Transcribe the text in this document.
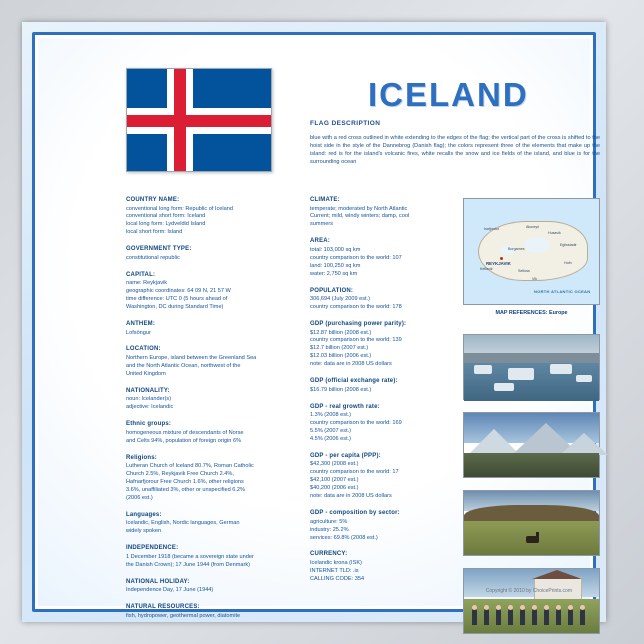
ICELAND
FLAG DESCRIPTION
blue with a red cross outlined in white extending to the edges of the flag; the vertical part of the cross is shifted to the hoist side in the style of the Dannebrog (Danish flag); the colors represent three of the elements that make up the island: red is for the island's volcanic fires, white recalls the snow and ice fields of the island, and blue is for the surrounding ocean
COUNTRY NAME:

conventional long form: Republic of Iceland
conventional short form: Iceland
local long form: Lydveldid Island
local short form: Island

GOVERNMENT TYPE:

constitutional republic

CAPITAL:

name: Reykjavik
geographic coordinates: 64 09 N, 21 57 W
time difference: UTC 0 (5 hours ahead of
Washington, DC during Standard Time)

ANTHEM:

Lofsöngur

LOCATION:

Northern Europe, island between the Greenland Sea
and the North Atlantic Ocean, northwest of the
United Kingdom

NATIONALITY:

noun: Icelander(s)
adjective: Icelandic

Ethnic groups:

homogeneous mixture of descendants of Norse
and Celts 94%, population of foreign origin 6%

Religions:

Lutheran Church of Iceland 80.7%, Roman Catholic
Church 2.5%, Reykjavik Free Church 2.4%,
Hafnarfjorour Free Church 1.6%, other religions
3.6%, unaffiliated 3%, other or unspecified 6.2%
(2006 est.)

Languages:

Icelandic, English, Nordic languages, German
widely spoken

INDEPENDENCE:

1 December 1918 (became a sovereign state under
the Danish Crown); 17 June 1944 (from Denmark)

NATIONAL HOLIDAY:

Independence Day, 17 June (1944)

NATURAL RESOURCES:

fish, hydropower, geothermal power, diatomite

CLIMATE:

temperate; moderated by North Atlantic
Current; mild, windy winters; damp, cool
summers

AREA:

total: 103,000 sq km
country comparison to the world: 107
land: 100,250 sq km
water: 2,750 sq km

POPULATION:

306,694 (July 2009 est.)
country comparison to the world: 178

GDP (purchasing power parity):

$12.87 billion (2008 est.)
country comparison to the world: 139
$12.7 billion (2007 est.)
$12.03 billion (2006 est.)
note: data are in 2008 US dollars

GDP (official exchange rate):

$16.79 billion (2008 est.)

GDP - real growth rate:

1.3% (2008 est.)
country comparison to the world: 169
5.5% (2007 est.)
4.5% (2006 est.)

GDP - per capita (PPP):

$42,300 (2008 est.)
country comparison to the world: 17
$42,100 (2007 est.)
$40,200 (2006 est.)
note: data are in 2008 US dollars

GDP - composition by sector:

agriculture: 5%
industry: 25.2%
services: 69.8% (2008 est.)

CURRENCY:

Icelandic krona (ISK)
INTERNET TLD: .is
CALLING CODE: 354

REYKJAVIK
Isafjordur	Akureyri
Husavik
Egilsstadir
Borgarnes
Selfoss
Vik
Keflavik
Hofn
NORTH ATLANTIC OCEAN
MAP REFERENCES: Europe
Copyright © 2010 by ChoicePrints.com
